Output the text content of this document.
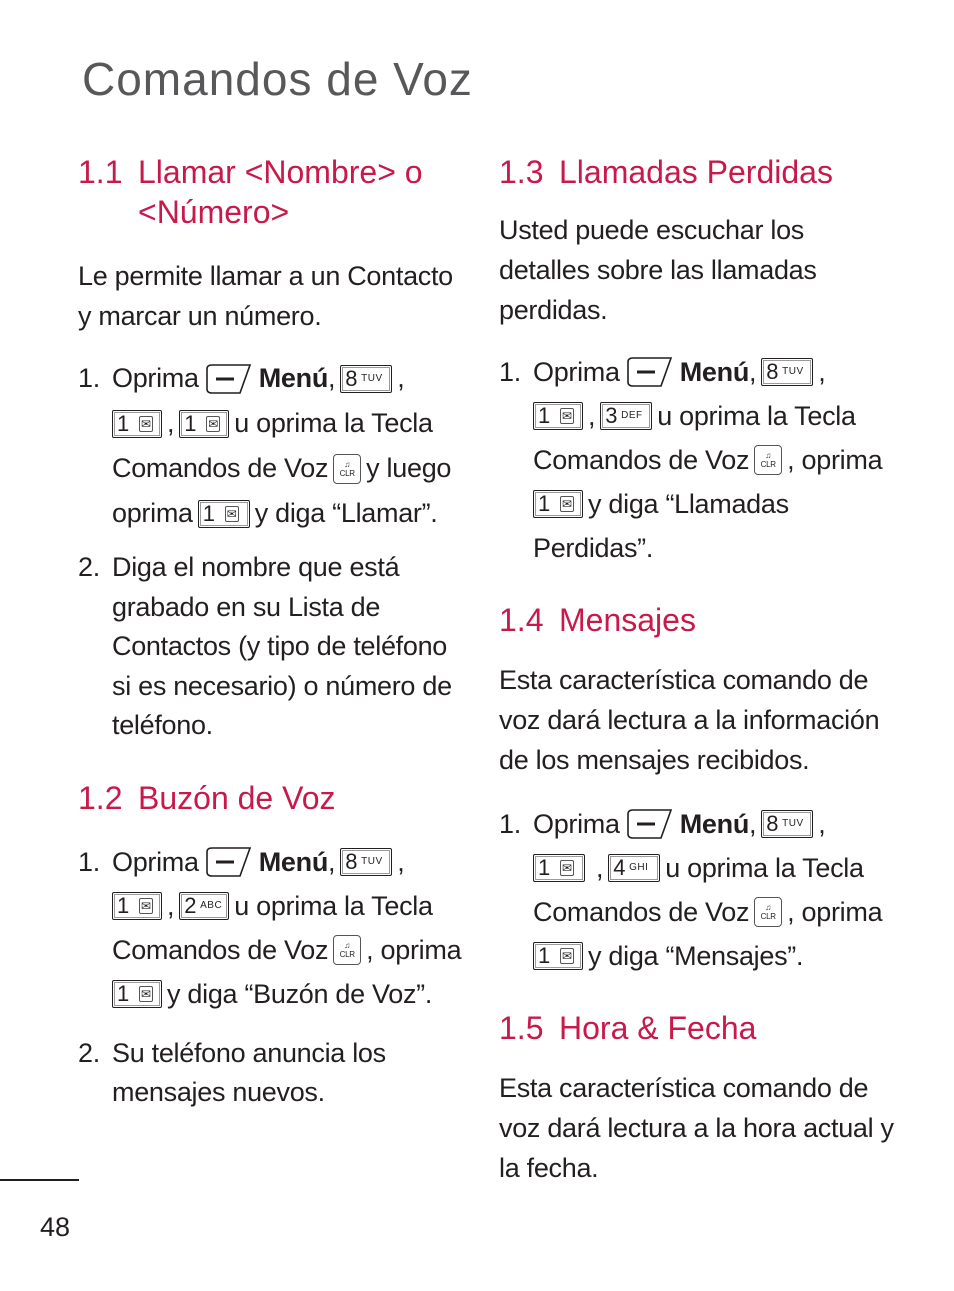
Comandos de Voz
1.1 Llamar <Nombre> o
<Número>

Le permite llamar a un Contacto y marcar un número.

1. Oprima Menú , 8 TUV ,
1 ✉ , 1 ✉ u oprima la Tecla
Comandos de Voz ♫
CLR y luego
oprima 1 ✉ y diga “Llamar”.
2. Diga el nombre que está grabado en su Lista de Contactos (y tipo de teléfono si es necesario) o número de teléfono.
1.2 Buzón de Voz
1. Oprima Menú , 8 TUV ,
1 ✉ , 2 ABC u oprima la Tecla
Comandos de Voz ♫
CLR , oprima
1 ✉ y diga “Buzón de Voz”.
2. Su teléfono anuncia los mensajes nuevos.
1.3 Llamadas Perdidas

Usted puede escuchar los detalles sobre las llamadas perdidas.

1. Oprima Menú , 8 TUV ,
1 ✉ , 3 DEF u oprima la Tecla
Comandos de Voz ♫
CLR , oprima
1 ✉ y diga “Llamadas
Perdidas”.
1.4 Mensajes

Esta característica comando de voz dará lectura a la información de los mensajes recibidos.

1. Oprima Menú , 8 TUV ,
1 ✉ , 4 GHI u oprima la Tecla
Comandos de Voz ♫
CLR , oprima
1 ✉ y diga “Mensajes”.
1.5 Hora & Fecha

Esta característica comando de voz dará lectura a la hora actual y la fecha.

48
